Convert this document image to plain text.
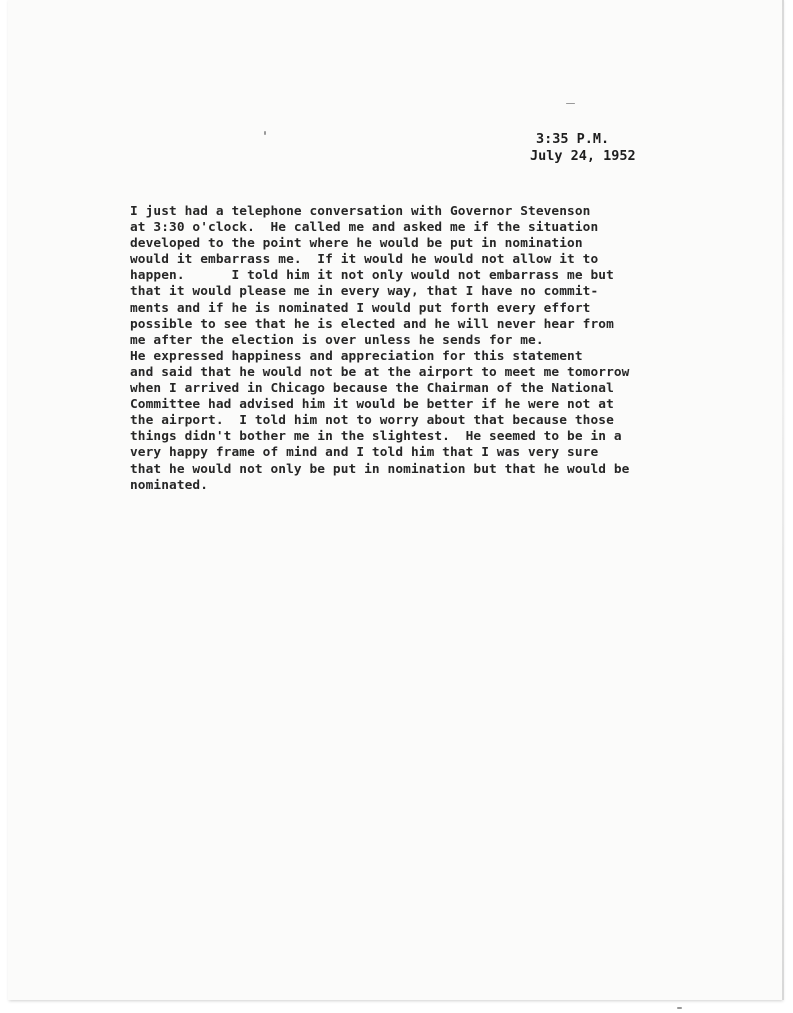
3:35 P.M.
July 24, 1952
I just had a telephone conversation with Governor Stevenson
at 3:30 o'clock.  He called me and asked me if the situation
developed to the point where he would be put in nomination
would it embarrass me.  If it would he would not allow it to
happen.      I told him it not only would not embarrass me but
that it would please me in every way, that I have no commit-
ments and if he is nominated I would put forth every effort
possible to see that he is elected and he will never hear from
me after the election is over unless he sends for me.
He expressed happiness and appreciation for this statement
and said that he would not be at the airport to meet me tomorrow
when I arrived in Chicago because the Chairman of the National
Committee had advised him it would be better if he were not at
the airport.  I told him not to worry about that because those
things didn't bother me in the slightest.  He seemed to be in a
very happy frame of mind and I told him that I was very sure
that he would not only be put in nomination but that he would be
nominated.
